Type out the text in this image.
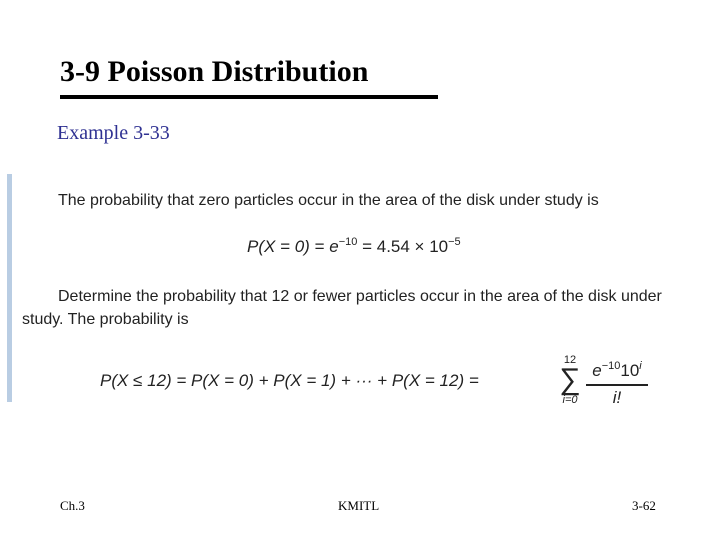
3-9 Poisson Distribution
Example 3-33
The probability that zero particles occur in the area of the disk under study is
$P(X = 0) = e^{-10} = 4.54 \times 10^{-5}$
Determine the probability that 12 or fewer particles occur in the area of the disk under
study. The probability is
P(X ≤ 12) = P(X = 0) + P(X = 1) + ··· + P(X = 12) =
12
∑
i=0
$e^{-10}10^i$
i!
Ch.3	KMITL	3-62
